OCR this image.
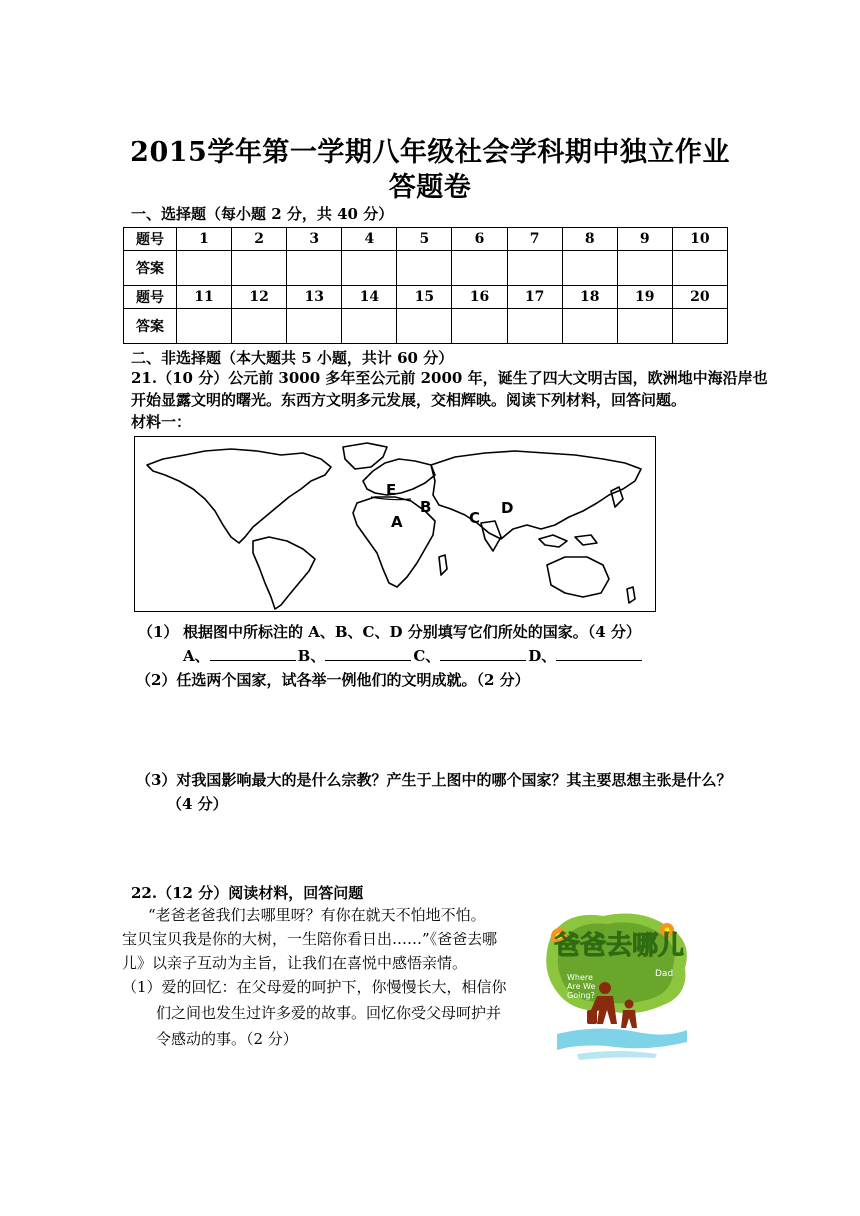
2015学年第一学期八年级社会学科期中独立作业
答题卷
一、选择题（每小题 2 分，共 40 分）
题号	1	2	3	4	5	6	7	8	9	10
答案										
题号	11	12	13	14	15	16	17	18	19	20
答案										
二、非选择题（本大题共 5 小题，共计 60 分）
21.（10 分）公元前 3000 多年至公元前 2000 年，诞生了四大文明古国，欧洲地中海沿岸也
开始显露文明的曙光。东西方文明多元发展，交相辉映。阅读下列材料，回答问题。
材料一：
E
A
B
C
D
（1） 根据图中所标注的 A、B、C、D 分别填写它们所处的国家。（4 分）
A、	B、	C、	D、
（2）任选两个国家，试各举一例他们的文明成就。（2 分）
（3）对我国影响最大的是什么宗教？产生于上图中的哪个国家？其主要思想主张是什么？
（4 分）
22.（12 分）阅读材料，回答问题
“老爸老爸我们去哪里呀？有你在就天不怕地不怕。
宝贝宝贝我是你的大树，一生陪你看日出……”《爸爸去哪
儿》以亲子互动为主旨，让我们在喜悦中感悟亲情。
（1）爱的回忆：在父母爱的呵护下，你慢慢长大，相信你
们之间也发生过许多爱的故事。回忆你受父母呵护并
令感动的事。（2 分）
爸爸去哪儿
Where
Are We
Going?
Dad
